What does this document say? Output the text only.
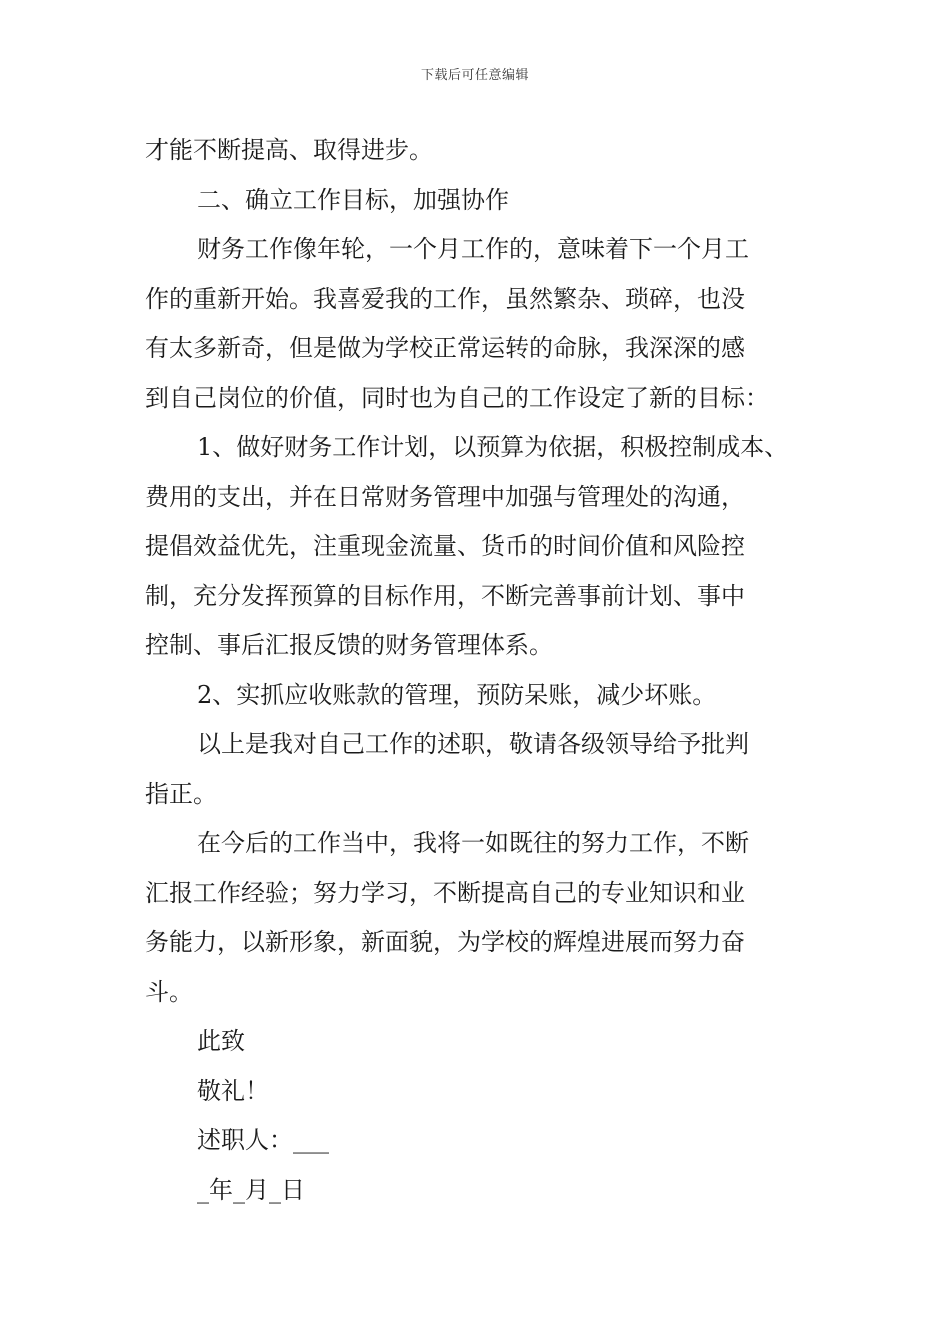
下载后可任意编辑
才能不断提高、取得进步。
二、确立工作目标，加强协作
财务工作像年轮，一个月工作的，意味着下一个月工
作的重新开始。我喜爱我的工作，虽然繁杂、琐碎，也没
有太多新奇，但是做为学校正常运转的命脉，我深深的感
到自己岗位的价值，同时也为自己的工作设定了新的目标：
1、做好财务工作计划，以预算为依据，积极控制成本、
费用的支出，并在日常财务管理中加强与管理处的沟通，
提倡效益优先，注重现金流量、货币的时间价值和风险控
制，充分发挥预算的目标作用，不断完善事前计划、事中
控制、事后汇报反馈的财务管理体系。
2、实抓应收账款的管理，预防呆账，减少坏账。
以上是我对自己工作的述职，敬请各级领导给予批判
指正。
在今后的工作当中，我将一如既往的努力工作，不断
汇报工作经验；努力学习，不断提高自己的专业知识和业
务能力，以新形象，新面貌，为学校的辉煌进展而努力奋
斗。
此致
敬礼！
述职人：___
_年_月_日
